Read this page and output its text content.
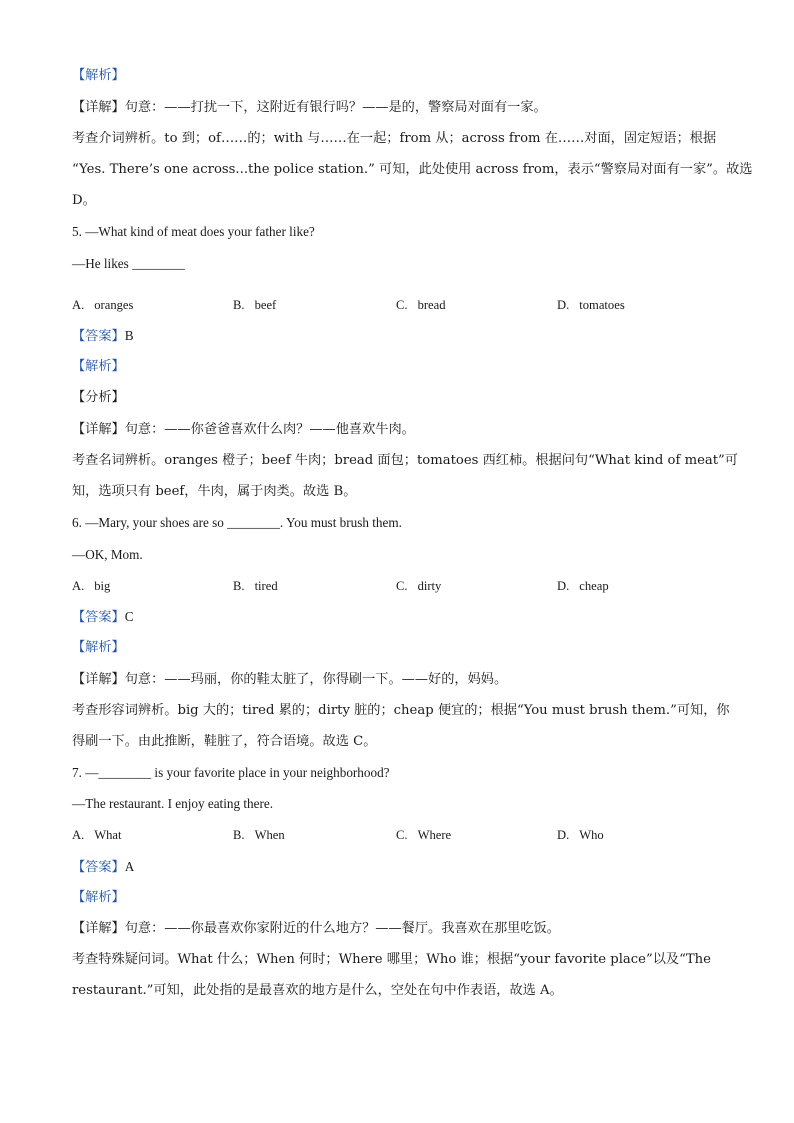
【解析】
【详解】句意：——打扰一下，这附近有银行吗？——是的，警察局对面有一家。
考查介词辨析。to 到；of……的；with 与……在一起；from 从；across from 在……对面，固定短语；根据
“Yes. There’s one across...the police station.” 可知，此处使用 across from，表示“警察局对面有一家”。故选
D。
5. —What kind of meat does your father like?
—He likes ________
A. oranges	B. beef	C. bread	D. tomatoes
【答案】B
【解析】
【分析】
【详解】句意：——你爸爸喜欢什么肉？——他喜欢牛肉。
考查名词辨析。oranges 橙子；beef 牛肉；bread 面包；tomatoes 西红柿。根据问句“What kind of meat”可
知，选项只有 beef，牛肉，属于肉类。故选 B。
6. —Mary, your shoes are so ________. You must brush them.
—OK, Mom.
A. big	B. tired	C. dirty	D. cheap
【答案】C
【解析】
【详解】句意：——玛丽，你的鞋太脏了，你得刷一下。——好的，妈妈。
考查形容词辨析。big 大的；tired 累的；dirty 脏的；cheap 便宜的；根据“You must brush them.”可知，你
得刷一下。由此推断，鞋脏了，符合语境。故选 C。
7. —________ is your favorite place in your neighborhood?
—The restaurant. I enjoy eating there.
A. What	B. When	C. Where	D. Who
【答案】A
【解析】
【详解】句意：——你最喜欢你家附近的什么地方？——餐厅。我喜欢在那里吃饭。
考查特殊疑问词。What 什么；When 何时；Where 哪里；Who 谁；根据“your favorite place”以及“The
restaurant.”可知，此处指的是最喜欢的地方是什么，空处在句中作表语，故选 A。
